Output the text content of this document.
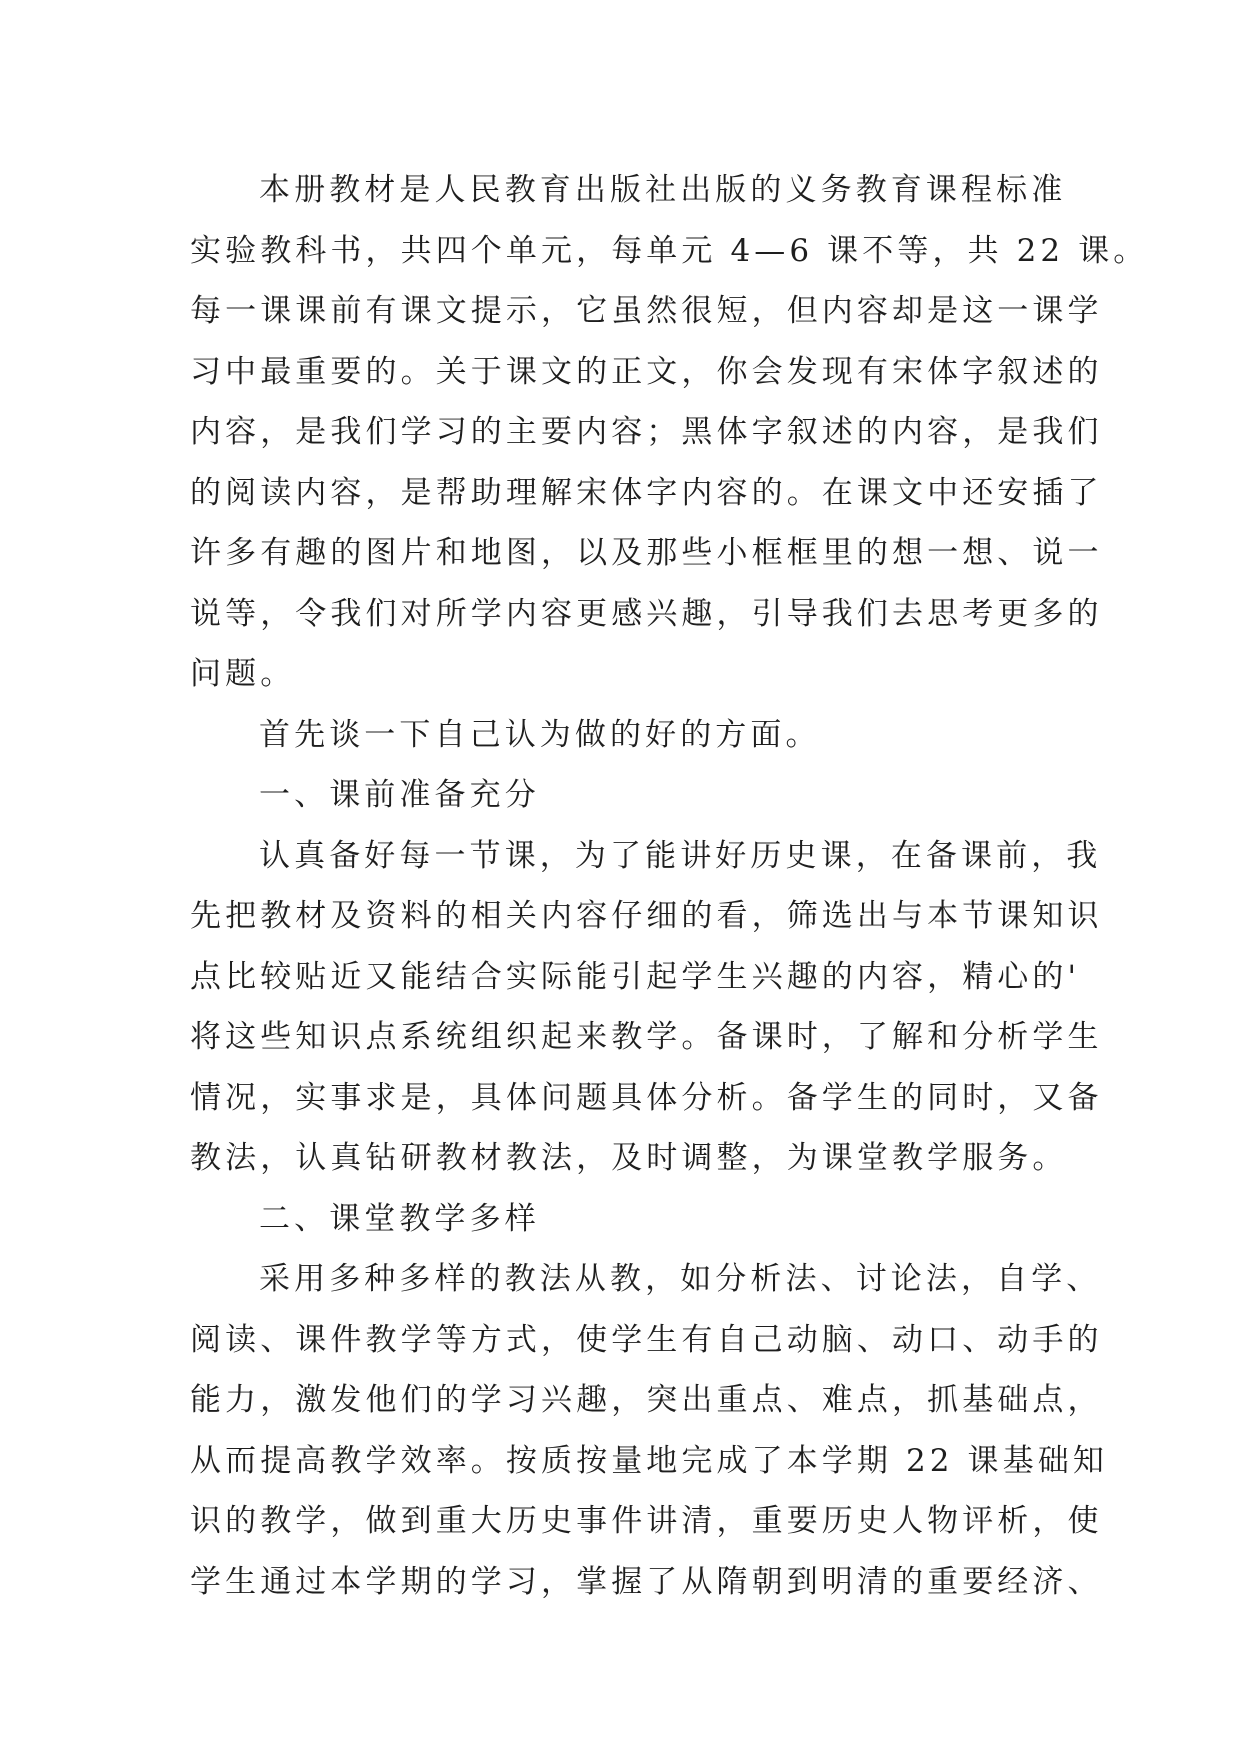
本册教材是人民教育出版社出版的义务教育课程标准
实验教科书，共四个单元，每单元 4—6 课不等，共 22 课。
每一课课前有课文提示，它虽然很短，但内容却是这一课学
习中最重要的。关于课文的正文，你会发现有宋体字叙述的
内容，是我们学习的主要内容；黑体字叙述的内容，是我们
的阅读内容，是帮助理解宋体字内容的。在课文中还安插了
许多有趣的图片和地图，以及那些小框框里的想一想、说一
说等，令我们对所学内容更感兴趣，引导我们去思考更多的
问题。
首先谈一下自己认为做的好的方面。
一、课前准备充分
认真备好每一节课，为了能讲好历史课，在备课前，我
先把教材及资料的相关内容仔细的看，筛选出与本节课知识
点比较贴近又能结合实际能引起学生兴趣的内容，精心的'
将这些知识点系统组织起来教学。备课时，了解和分析学生
情况，实事求是，具体问题具体分析。备学生的同时，又备
教法，认真钻研教材教法，及时调整，为课堂教学服务。
二、课堂教学多样
采用多种多样的教法从教，如分析法、讨论法，自学、
阅读、课件教学等方式，使学生有自己动脑、动口、动手的
能力，激发他们的学习兴趣，突出重点、难点，抓基础点，
从而提高教学效率。按质按量地完成了本学期 22 课基础知
识的教学，做到重大历史事件讲清，重要历史人物评析，使
学生通过本学期的学习，掌握了从隋朝到明清的重要经济、
